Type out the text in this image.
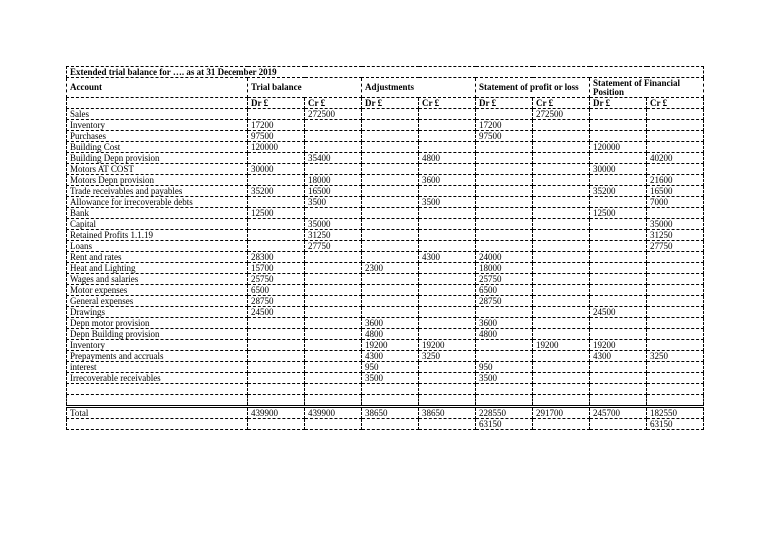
Extended trial balance for …. as at 31 December 2019								
Account	Trial balance		Adjustments		Statement of profit or loss		Statement of Financial Position	
	Dr £	Cr £	Dr £	Cr £	Dr £	Cr £	Dr £	Cr £
Sales		272500				272500		
Inventory	17200				17200			
Purchases	97500				97500			
Building Cost	120000						120000	
Building Depn provision		35400		4800				40200
Motors AT COST	30000						30000	
Motors Depn provision		18000		3600				21600
Trade receivables and payables	35200	16500					35200	16500
Allowance for irrecoverable debts		3500		3500				7000
Bank	12500						12500	
Capital		35000						35000
Retained Profits 1.1.19		31250						31250
Loans		27750						27750
Rent and rates	28300			4300	24000			
Heat and Lighting	15700		2300		18000			
Wages and salaries	25750				25750			
Motor expenses	6500				6500			
General expenses	28750				28750			
Drawings	24500						24500	
Depn motor provision			3600		3600			
Depn Building provision			4800		4800			
Inventory			19200	19200		19200	19200	
Prepayments and accruals			4300	3250			4300	3250
interest			950		950			
Irrecoverable receivables			3500		3500			

Total	439900	439900	38650	38650	228550	291700	245700	182550
					63150			63150
